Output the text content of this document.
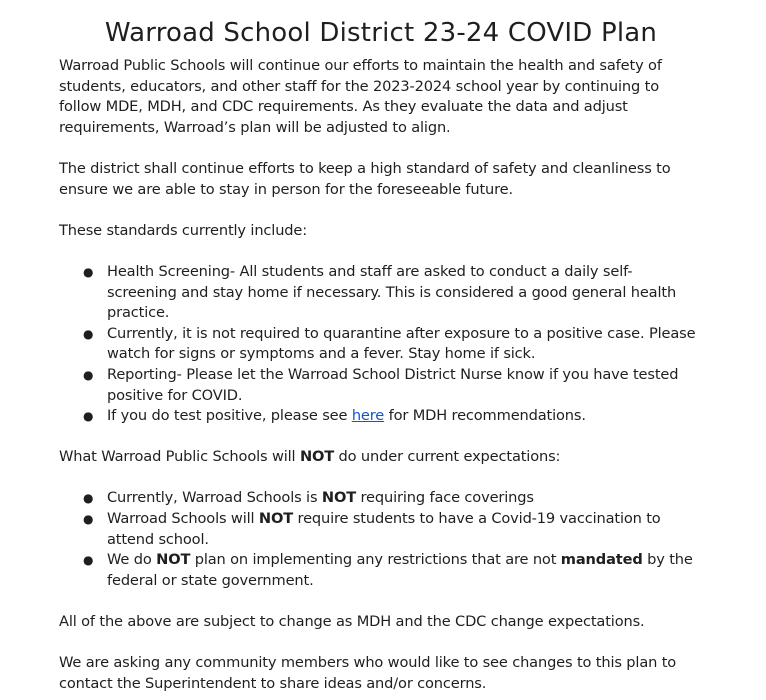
Warroad School District 23-24 COVID Plan

Warroad Public Schools will continue our efforts to maintain the health and safety of students, educators, and other staff for the 2023-2024 school year by continuing to follow MDE, MDH, and CDC requirements. As they evaluate the data and adjust requirements, Warroad’s plan will be adjusted to align.

The district shall continue efforts to keep a high standard of safety and cleanliness to ensure we are able to stay in person for the foreseeable future.

These standards currently include:

● Health Screening- All students and staff are asked to conduct a daily self-screening and stay home if necessary. This is considered a good general health practice.
● Currently, it is not required to quarantine after exposure to a positive case. Please watch for signs or symptoms and a fever. Stay home if sick.
● Reporting- Please let the Warroad School District Nurse know if you have tested positive for COVID.
● If you do test positive, please see here for MDH recommendations.

What Warroad Public Schools will NOT do under current expectations:

● Currently, Warroad Schools is NOT requiring face coverings
● Warroad Schools will NOT require students to have a Covid-19 vaccination to attend school.
● We do NOT plan on implementing any restrictions that are not mandated by the federal or state government.

All of the above are subject to change as MDH and the CDC change expectations.

We are asking any community members who would like to see changes to this plan to contact the Superintendent to share ideas and/or concerns.
